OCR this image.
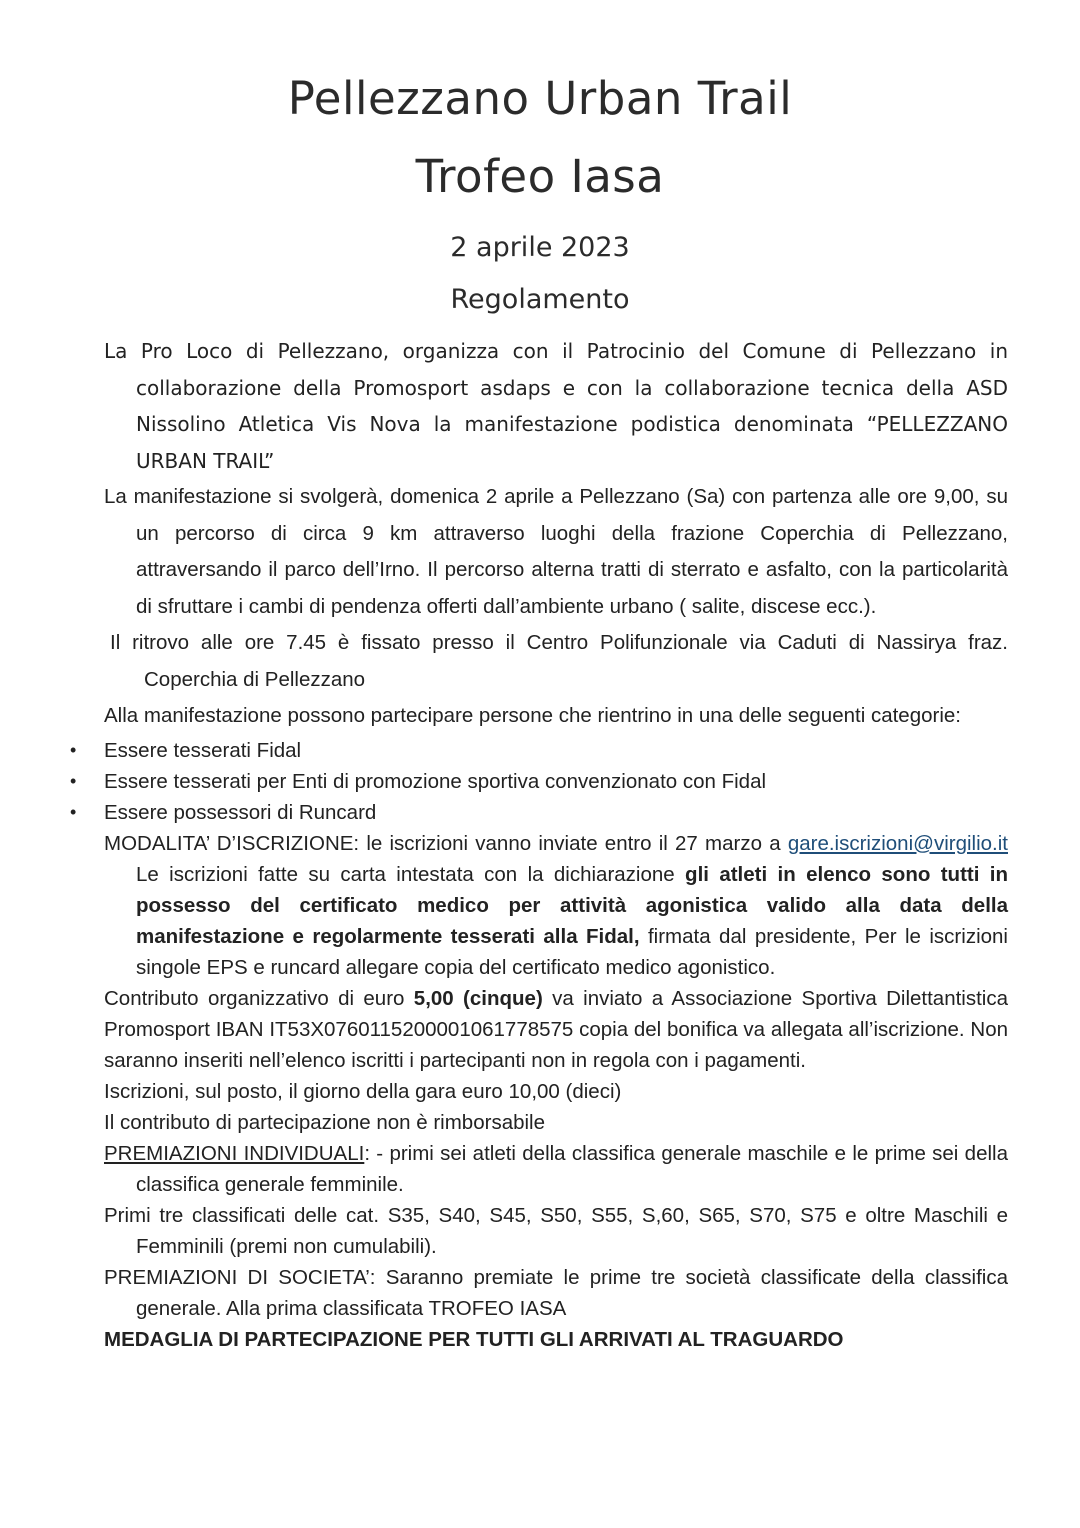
Pellezzano Urban Trail
Trofeo Iasa
2 aprile 2023
Regolamento

La Pro Loco di Pellezzano, organizza con il Patrocinio del Comune di Pellezzano in collaborazione della Promosport asdaps e con la collaborazione tecnica della ASD Nissolino Atletica Vis Nova la manifestazione podistica denominata “PELLEZZANO URBAN TRAIL”

La manifestazione si svolgerà, domenica 2 aprile a Pellezzano (Sa) con partenza alle ore 9,00, su un percorso di circa 9 km attraverso luoghi della frazione Coperchia di Pellezzano, attraversando il parco dell’Irno. Il percorso alterna tratti di sterrato e asfalto, con la particolarità di sfruttare i cambi di pendenza offerti dall’ambiente urbano ( salite, discese ecc.).

Il ritrovo alle ore 7.45 è fissato presso il Centro Polifunzionale via Caduti di Nassirya fraz. Coperchia di Pellezzano

Alla manifestazione possono partecipare persone che rientrino in una delle seguenti categorie:

• Essere tesserati Fidal
• Essere tesserati per Enti di promozione sportiva convenzionato con Fidal
• Essere possessori di Runcard

MODALITA’ D’ISCRIZIONE: le iscrizioni vanno inviate entro il 27 marzo a gare.iscrizioni@virgilio.it Le iscrizioni fatte su carta intestata con la dichiarazione gli atleti in elenco sono tutti in possesso del certificato medico per attività agonistica valido alla data della manifestazione e regolarmente tesserati alla Fidal, firmata dal presidente, Per le iscrizioni singole EPS e runcard allegare copia del certificato medico agonistico.

Contributo organizzativo di euro 5,00 (cinque) va inviato a Associazione Sportiva Dilettantistica Promosport IBAN IT53X0760115200001061778575 copia del bonifica va allegata all’iscrizione. Non saranno inseriti nell’elenco iscritti i partecipanti non in regola con i pagamenti.

Iscrizioni, sul posto, il giorno della gara euro 10,00 (dieci)

Il contributo di partecipazione non è rimborsabile

PREMIAZIONI INDIVIDUALI: - primi sei atleti della classifica generale maschile e le prime sei della classifica generale femminile.

Primi tre classificati delle cat. S35, S40, S45, S50, S55, S,60, S65, S70, S75 e oltre Maschili e Femminili (premi non cumulabili).

PREMIAZIONI DI SOCIETA’: Saranno premiate le prime tre società classificate della classifica generale. Alla prima classificata TROFEO IASA

MEDAGLIA DI PARTECIPAZIONE PER TUTTI GLI ARRIVATI AL TRAGUARDO
